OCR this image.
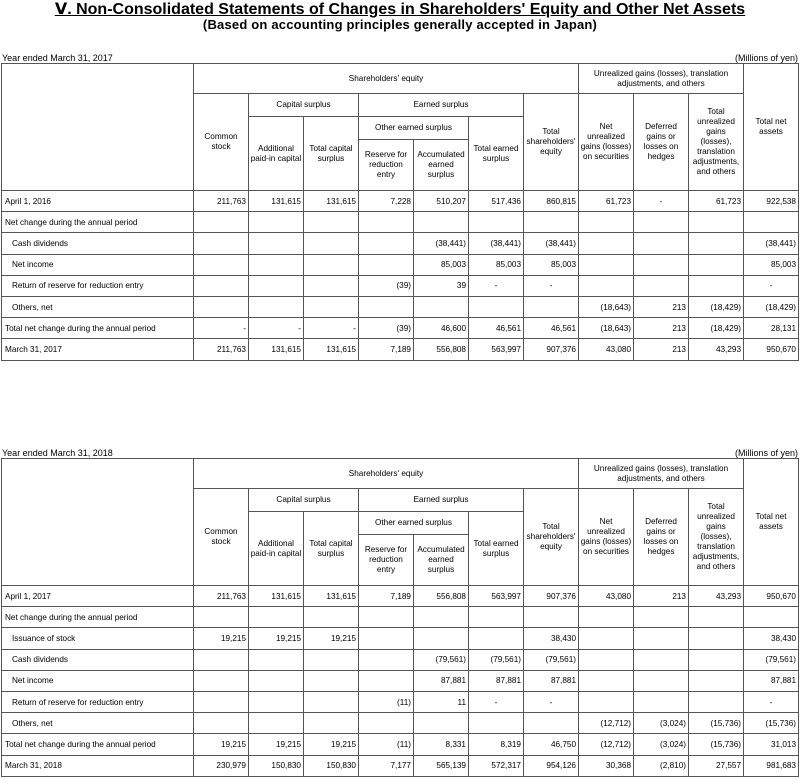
Ⅴ. Non-Consolidated Statements of Changes in Shareholders' Equity and Other Net Assets
(Based on accounting principles generally accepted in Japan)
Year ended March 31, 2017	(Millions of yen)
	Shareholders' equity							Unrealized gains (losses), translation adjustments, and others			Total net assets
	Common stock	Capital surplus		Earned surplus			Total shareholders' equity	Net unrealized gains (losses) on securities	Deferred gains or losses on hedges	Total unrealized gains (losses), translation adjustments, and others	
		Additional paid-in capital	Total capital surplus	Other earned surplus		Total earned surplus					
				Reserve for reduction entry	Accumulated earned surplus						
April 1, 2016	211,763	131,615	131,615	7,228	510,207	517,436	860,815	61,723	-	61,723	922,538
Net change during the annual period											
Cash dividends					(38,441)	(38,441)	(38,441)				(38,441)
Net income					85,003	85,003	85,003				85,003
Return of reserve for reduction entry				(39)	39	-	-				-
Others, net								(18,643)	213	(18,429)	(18,429)
Total net change during the annual period	-	-	-	(39)	46,600	46,561	46,561	(18,643)	213	(18,429)	28,131
March 31, 2017	211,763	131,615	131,615	7,189	556,808	563,997	907,376	43,080	213	43,293	950,670
Year ended March 31, 2018	(Millions of yen)
	Shareholders' equity							Unrealized gains (losses), translation adjustments, and others			Total net assets
	Common stock	Capital surplus		Earned surplus			Total shareholders' equity	Net unrealized gains (losses) on securities	Deferred gains or losses on hedges	Total unrealized gains (losses), translation adjustments, and others	
		Additional paid-in capital	Total capital surplus	Other earned surplus		Total earned surplus					
				Reserve for reduction entry	Accumulated earned surplus						
April 1, 2017	211,763	131,615	131,615	7,189	556,808	563,997	907,376	43,080	213	43,293	950,670
Net change during the annual period											
Issuance of stock	19,215	19,215	19,215				38,430				38,430
Cash dividends					(79,561)	(79,561)	(79,561)				(79,561)
Net income					87,881	87,881	87,881				87,881
Return of reserve for reduction entry				(11)	11	-	-				-
Others, net								(12,712)	(3,024)	(15,736)	(15,736)
Total net change during the annual period	19,215	19,215	19,215	(11)	8,331	8,319	46,750	(12,712)	(3,024)	(15,736)	31,013
March 31, 2018	230,979	150,830	150,830	7,177	565,139	572,317	954,126	30,368	(2,810)	27,557	981,683
